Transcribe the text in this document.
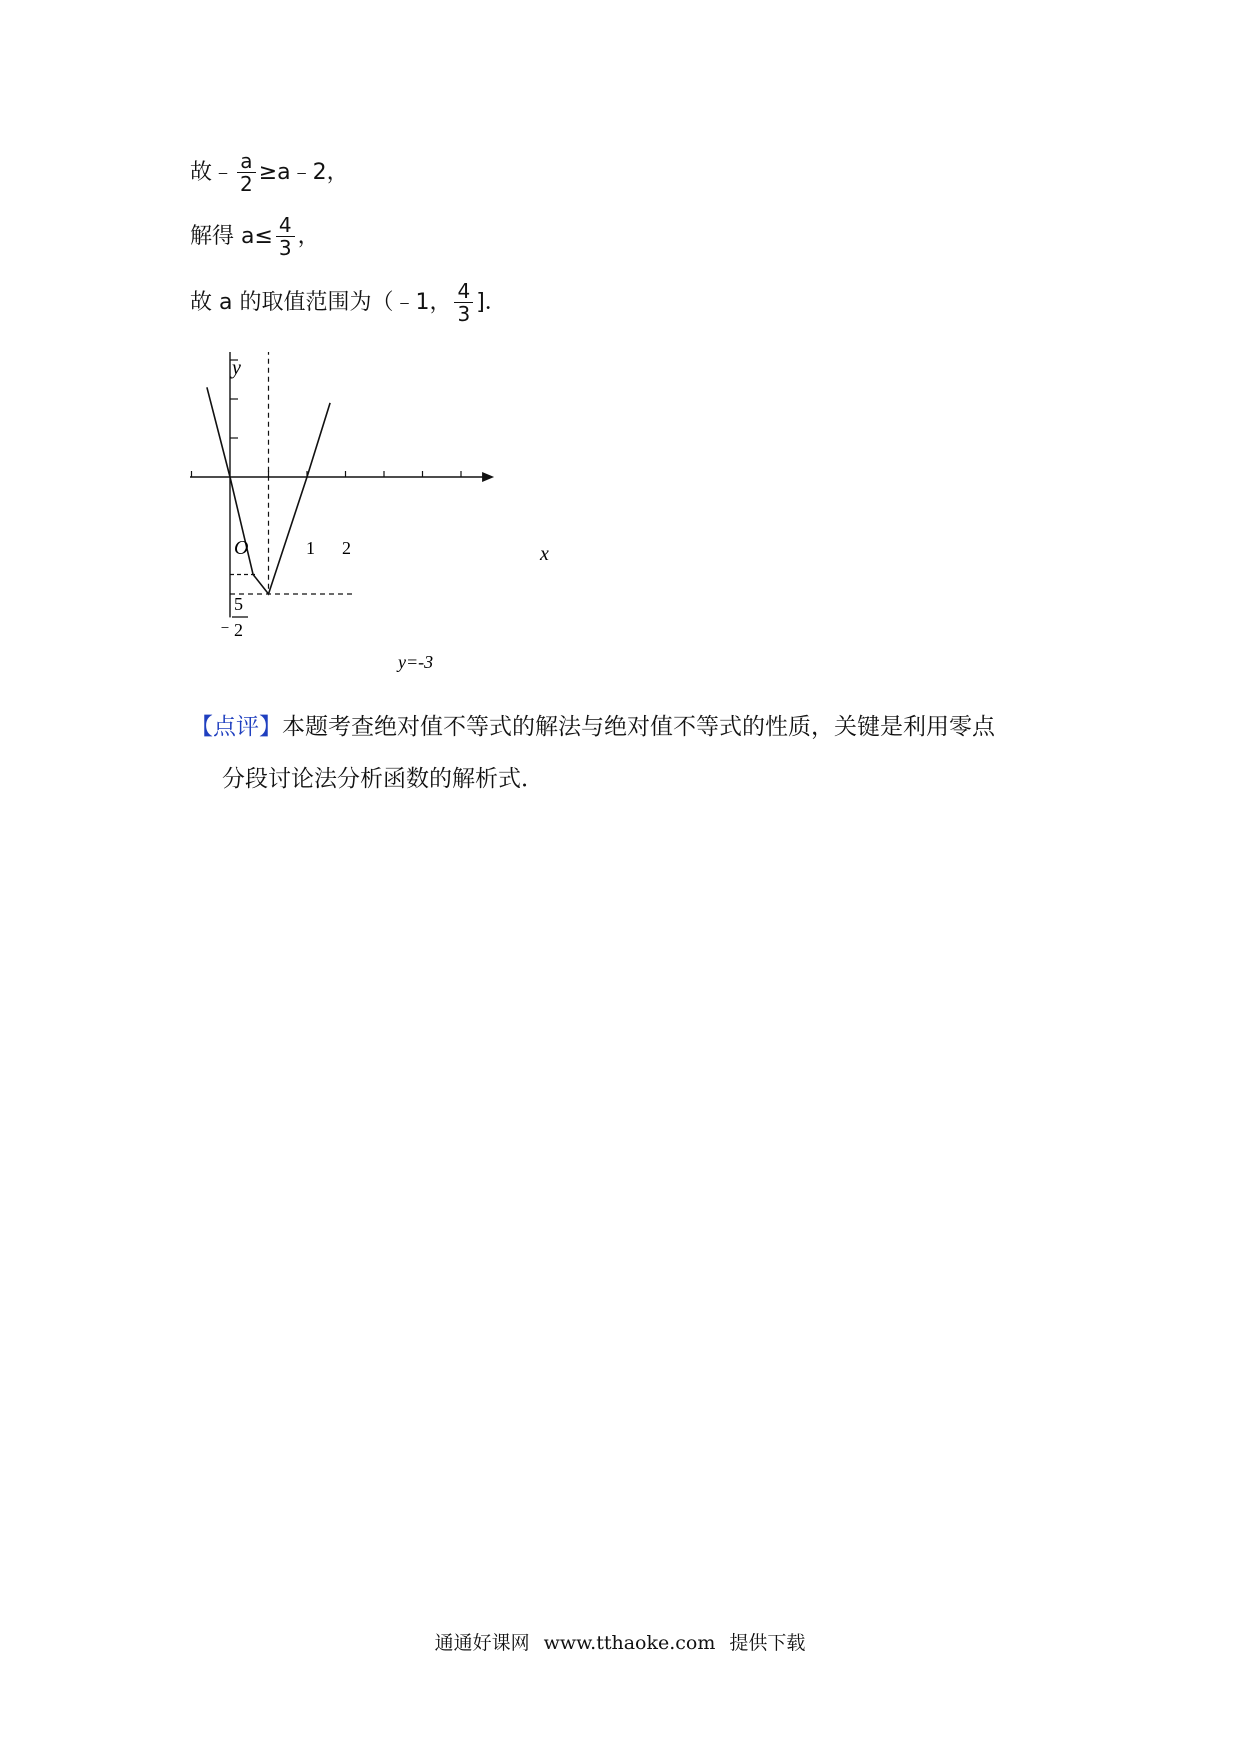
故﹣ $\frac{a}{2}$ ≥a﹣2，
解得 $a\le \frac{4}{3}$ ，
故 a 的取值范围为（﹣1， $\frac{4}{3}$ ]．
y
x
O	1 2
﹣
5
2
y=-3
【点评】本题考查绝对值不等式的解法与绝对值不等式的性质，关键是利用零点
分段讨论法分析函数的解析式．
通通好课网 www.tthaoke.com 提供下载
